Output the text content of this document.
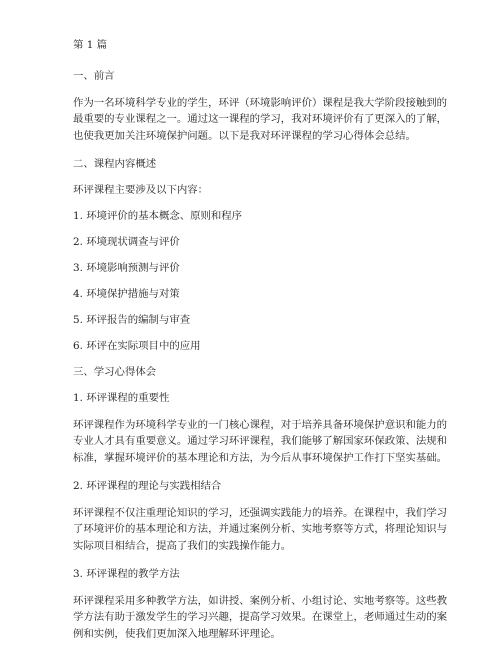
第 1 篇
一、前言
作为一名环境科学专业的学生，环评（环境影响评价）课程是我大学阶段接触到的
最重要的专业课程之一。通过这一课程的学习，我对环境评价有了更深入的了解，
也使我更加关注环境保护问题。以下是我对环评课程的学习心得体会总结。
二、课程内容概述
环评课程主要涉及以下内容：
1. 环境评价的基本概念、原则和程序
2. 环境现状调查与评价
3. 环境影响预测与评价
4. 环境保护措施与对策
5. 环评报告的编制与审查
6. 环评在实际项目中的应用
三、学习心得体会
1. 环评课程的重要性
环评课程作为环境科学专业的一门核心课程，对于培养具备环境保护意识和能力的
专业人才具有重要意义。通过学习环评课程，我们能够了解国家环保政策、法规和
标准，掌握环境评价的基本理论和方法，为今后从事环境保护工作打下坚实基础。
2. 环评课程的理论与实践相结合
环评课程不仅注重理论知识的学习，还强调实践能力的培养。在课程中，我们学习
了环境评价的基本理论和方法，并通过案例分析、实地考察等方式，将理论知识与
实际项目相结合，提高了我们的实践操作能力。
3. 环评课程的教学方法
环评课程采用多种教学方法，如讲授、案例分析、小组讨论、实地考察等。这些教
学方法有助于激发学生的学习兴趣，提高学习效果。在课堂上，老师通过生动的案
例和实例，使我们更加深入地理解环评理论。
